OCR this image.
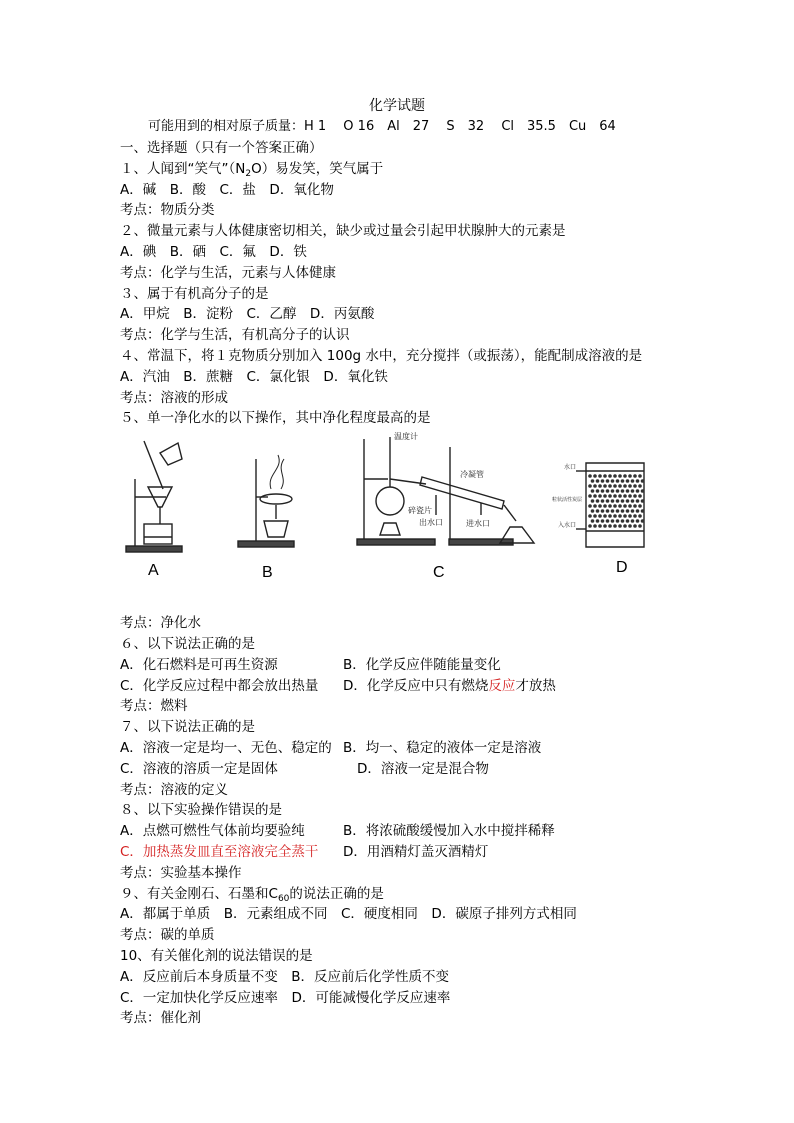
化学试题
可能用到的相对原子质量：H 1　 O 16　Al　27　 S　32　 Cl　35.5　Cu　64
一、选择题（只有一个答案正确）
１、人闻到“笑气$”(N_2O)$易发笑，笑气属于
A．碱　B．酸　C．盐　D．氧化物
考点：物质分类
２、微量元素与人体健康密切相关，缺少或过量会引起甲状腺肿大的元素是
A．碘　B．硒　C．氟　D．铁
考点：化学与生活，元素与人体健康
３、属于有机高分子的是
A．甲烷　B．淀粉　C．乙醇　D．丙氨酸
考点：化学与生活，有机高分子的认识
４、常温下，将１克物质分别加入 100g 水中，充分搅拌（或振荡），能配制成溶液的是
A．汽油　B．蔗糖　C．氯化银　D．氧化铁
考点：溶液的形成
５、单一净化水的以下操作，其中净化程度最高的是
温度计
冷凝管
碎瓷片
出水口	进水口
水口
粒状活性炭层
入水口
A	B	C	D
考点：净化水
６、以下说法正确的是
A．化石燃料是可再生资源	B．化学反应伴随能量变化
C．化学反应过程中都会放出热量	D．化学反应中只有燃烧反应才放热
考点：燃料
７、以下说法正确的是
A．溶液一定是均一、无色、稳定的 B．均一、稳定的液体一定是溶液
C．溶液的溶质一定是固体	D．溶液一定是混合物
考点：溶液的定义
８、以下实验操作错误的是
A．点燃可燃性气体前均要验纯	B．将浓硫酸缓慢加入水中搅拌稀释
C．加热蒸发皿直至溶液完全蒸干	D．用酒精灯盖灭酒精灯
考点：实验基本操作
９、有关金刚石、石墨和$C_{60}$的说法正确的是
A．都属于单质　B．元素组成不同　C．硬度相同　D．碳原子排列方式相同
考点：碳的单质
10、有关催化剂的说法错误的是
A．反应前后本身质量不变　B．反应前后化学性质不变
C．一定加快化学反应速率　D．可能减慢化学反应速率
考点：催化剂
